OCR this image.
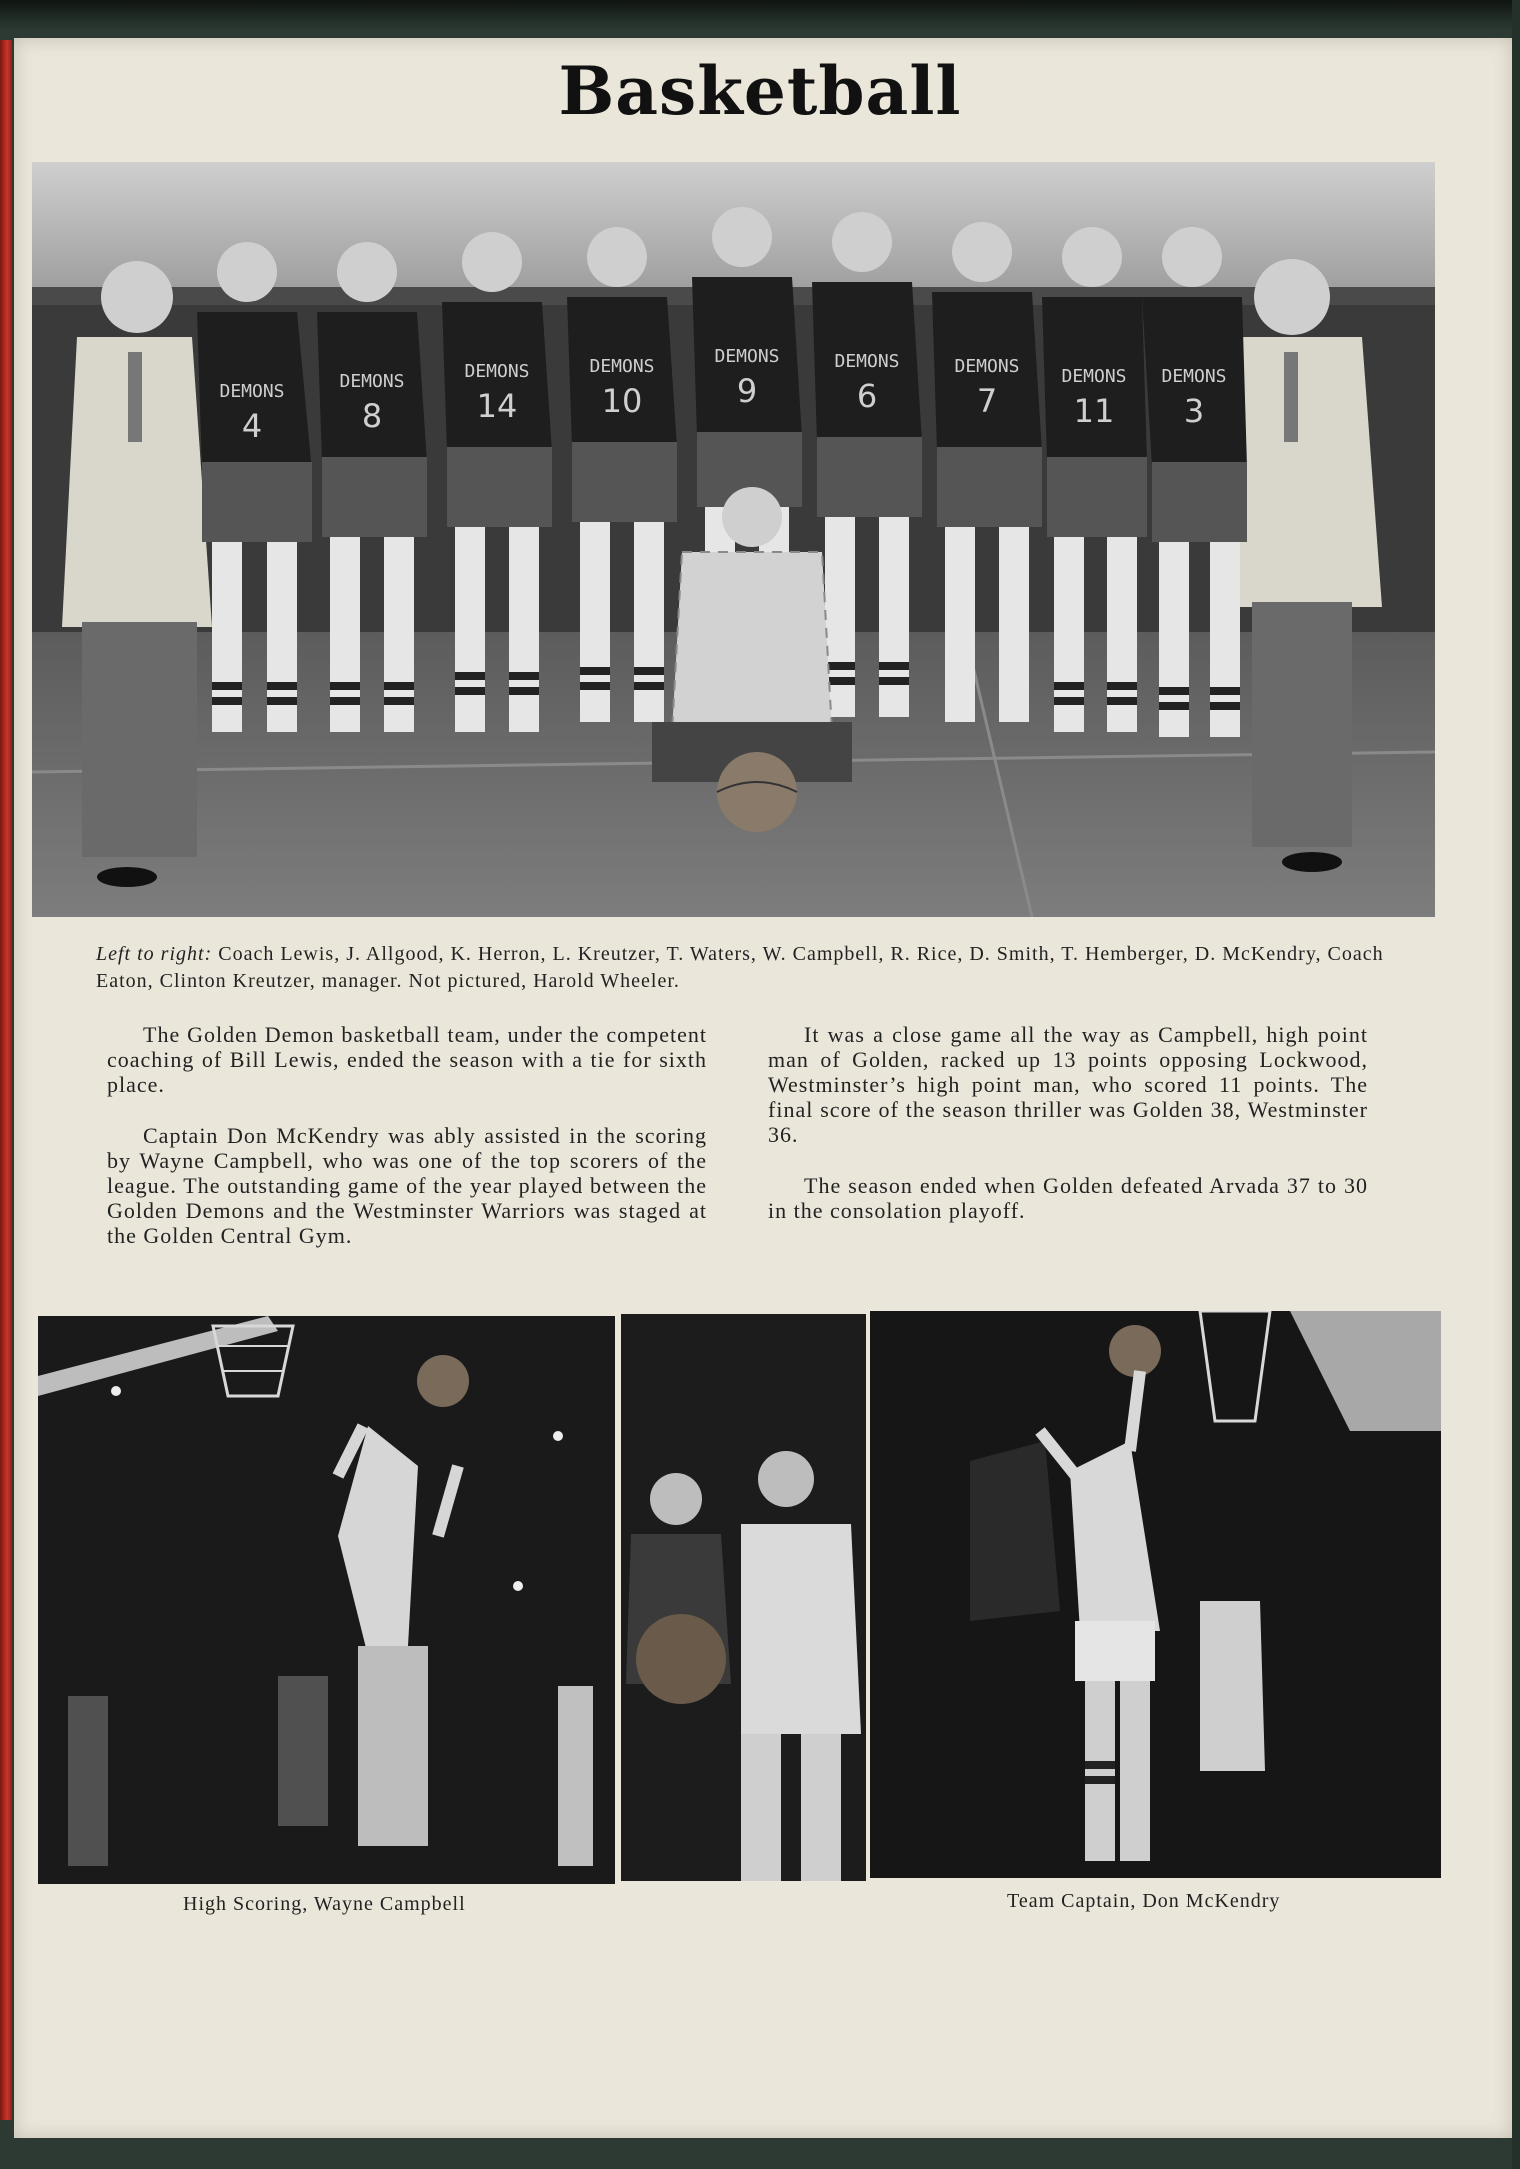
Basketball
DEMONS	DEMONS	DEMONS	DEMONS	DEMONS	DEMONS	DEMONS DEMONS DEMONS
4	8	14	10	9	6	7 11 3
Left to right: Coach Lewis, J. Allgood, K. Herron, L. Kreutzer, T. Waters, W. Campbell, R. Rice, D. Smith, T. Hemberger, D. McKendry, Coach Eaton, Clinton Kreutzer, manager. Not pictured, Harold Wheeler.

The Golden Demon basketball team, under the competent coaching of Bill Lewis, ended the season with a tie for sixth place.

Captain Don McKendry was ably assisted in the scoring by Wayne Campbell, who was one of the top scorers of the league. The outstanding game of the year played between the Golden Demons and the Westminster Warriors was staged at the Golden Central Gym.

It was a close game all the way as Campbell, high point man of Golden, racked up 13 points opposing Lockwood, Westminster’s high point man, who scored 11 points. The final score of the season thriller was Golden 38, Westminster 36.

The season ended when Golden defeated Arvada 37 to 30 in the consolation playoff.

High Scoring, Wayne Campbell	Team Captain, Don McKendry
